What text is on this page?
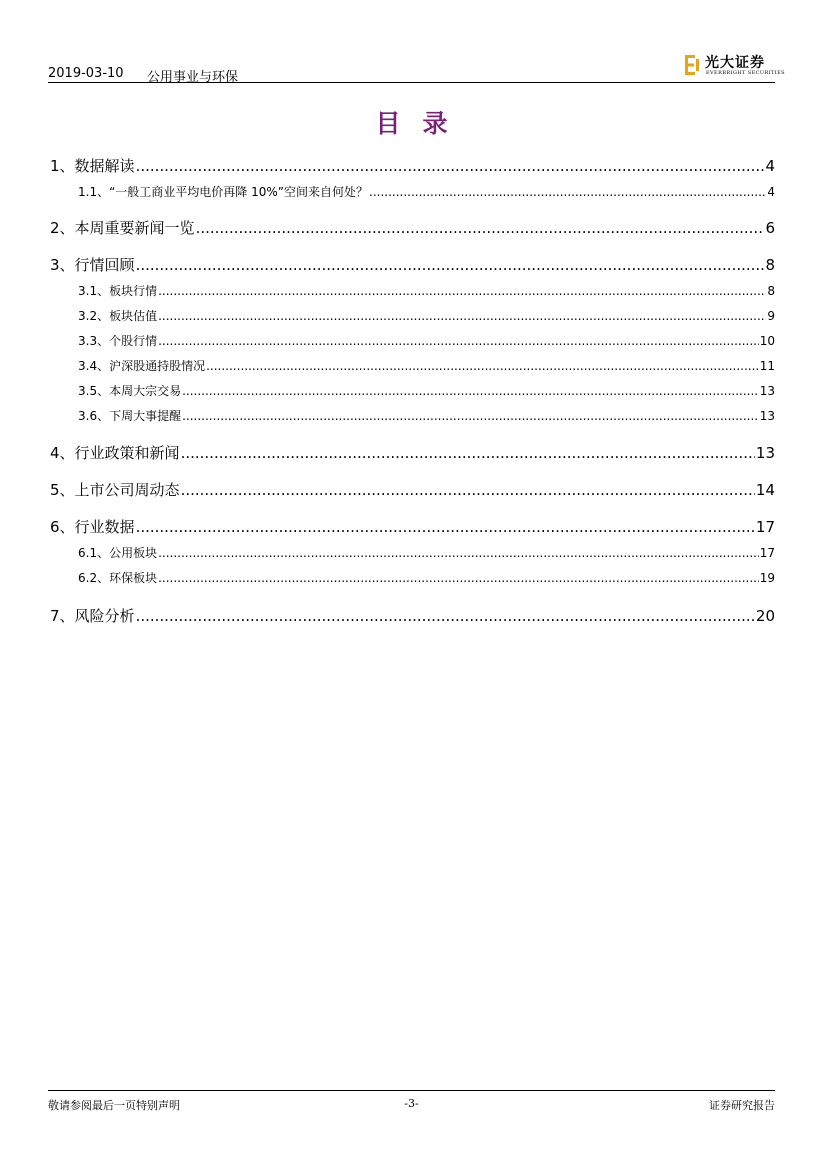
2019-03-10 公用事业与环保
光大证券
EVERBRIGHT SECURITIES
目录
1、 数据解读 .....	4
1.1、 “一般工商业平均电价再降 10%”空间来自何处？ .....	4
2、 本周重要新闻一览 .....	6
3、 行情回顾 .....	8
3.1、 板块行情 .....	8
3.2、 板块估值 .....	9
3.3、 个股行情 .....	10
3.4、 沪深股通持股情况 .....	11
3.5、 本周大宗交易 .....	13
3.6、 下周大事提醒 .....	13
4、 行业政策和新闻 .....	13
5、 上市公司周动态 .....	14
6、 行业数据 .....	17
6.1、 公用板块 .....	17
6.2、 环保板块 .....	19
7、 风险分析 .....	20
敬请参阅最后一页特别声明	-3-	证券研究报告
